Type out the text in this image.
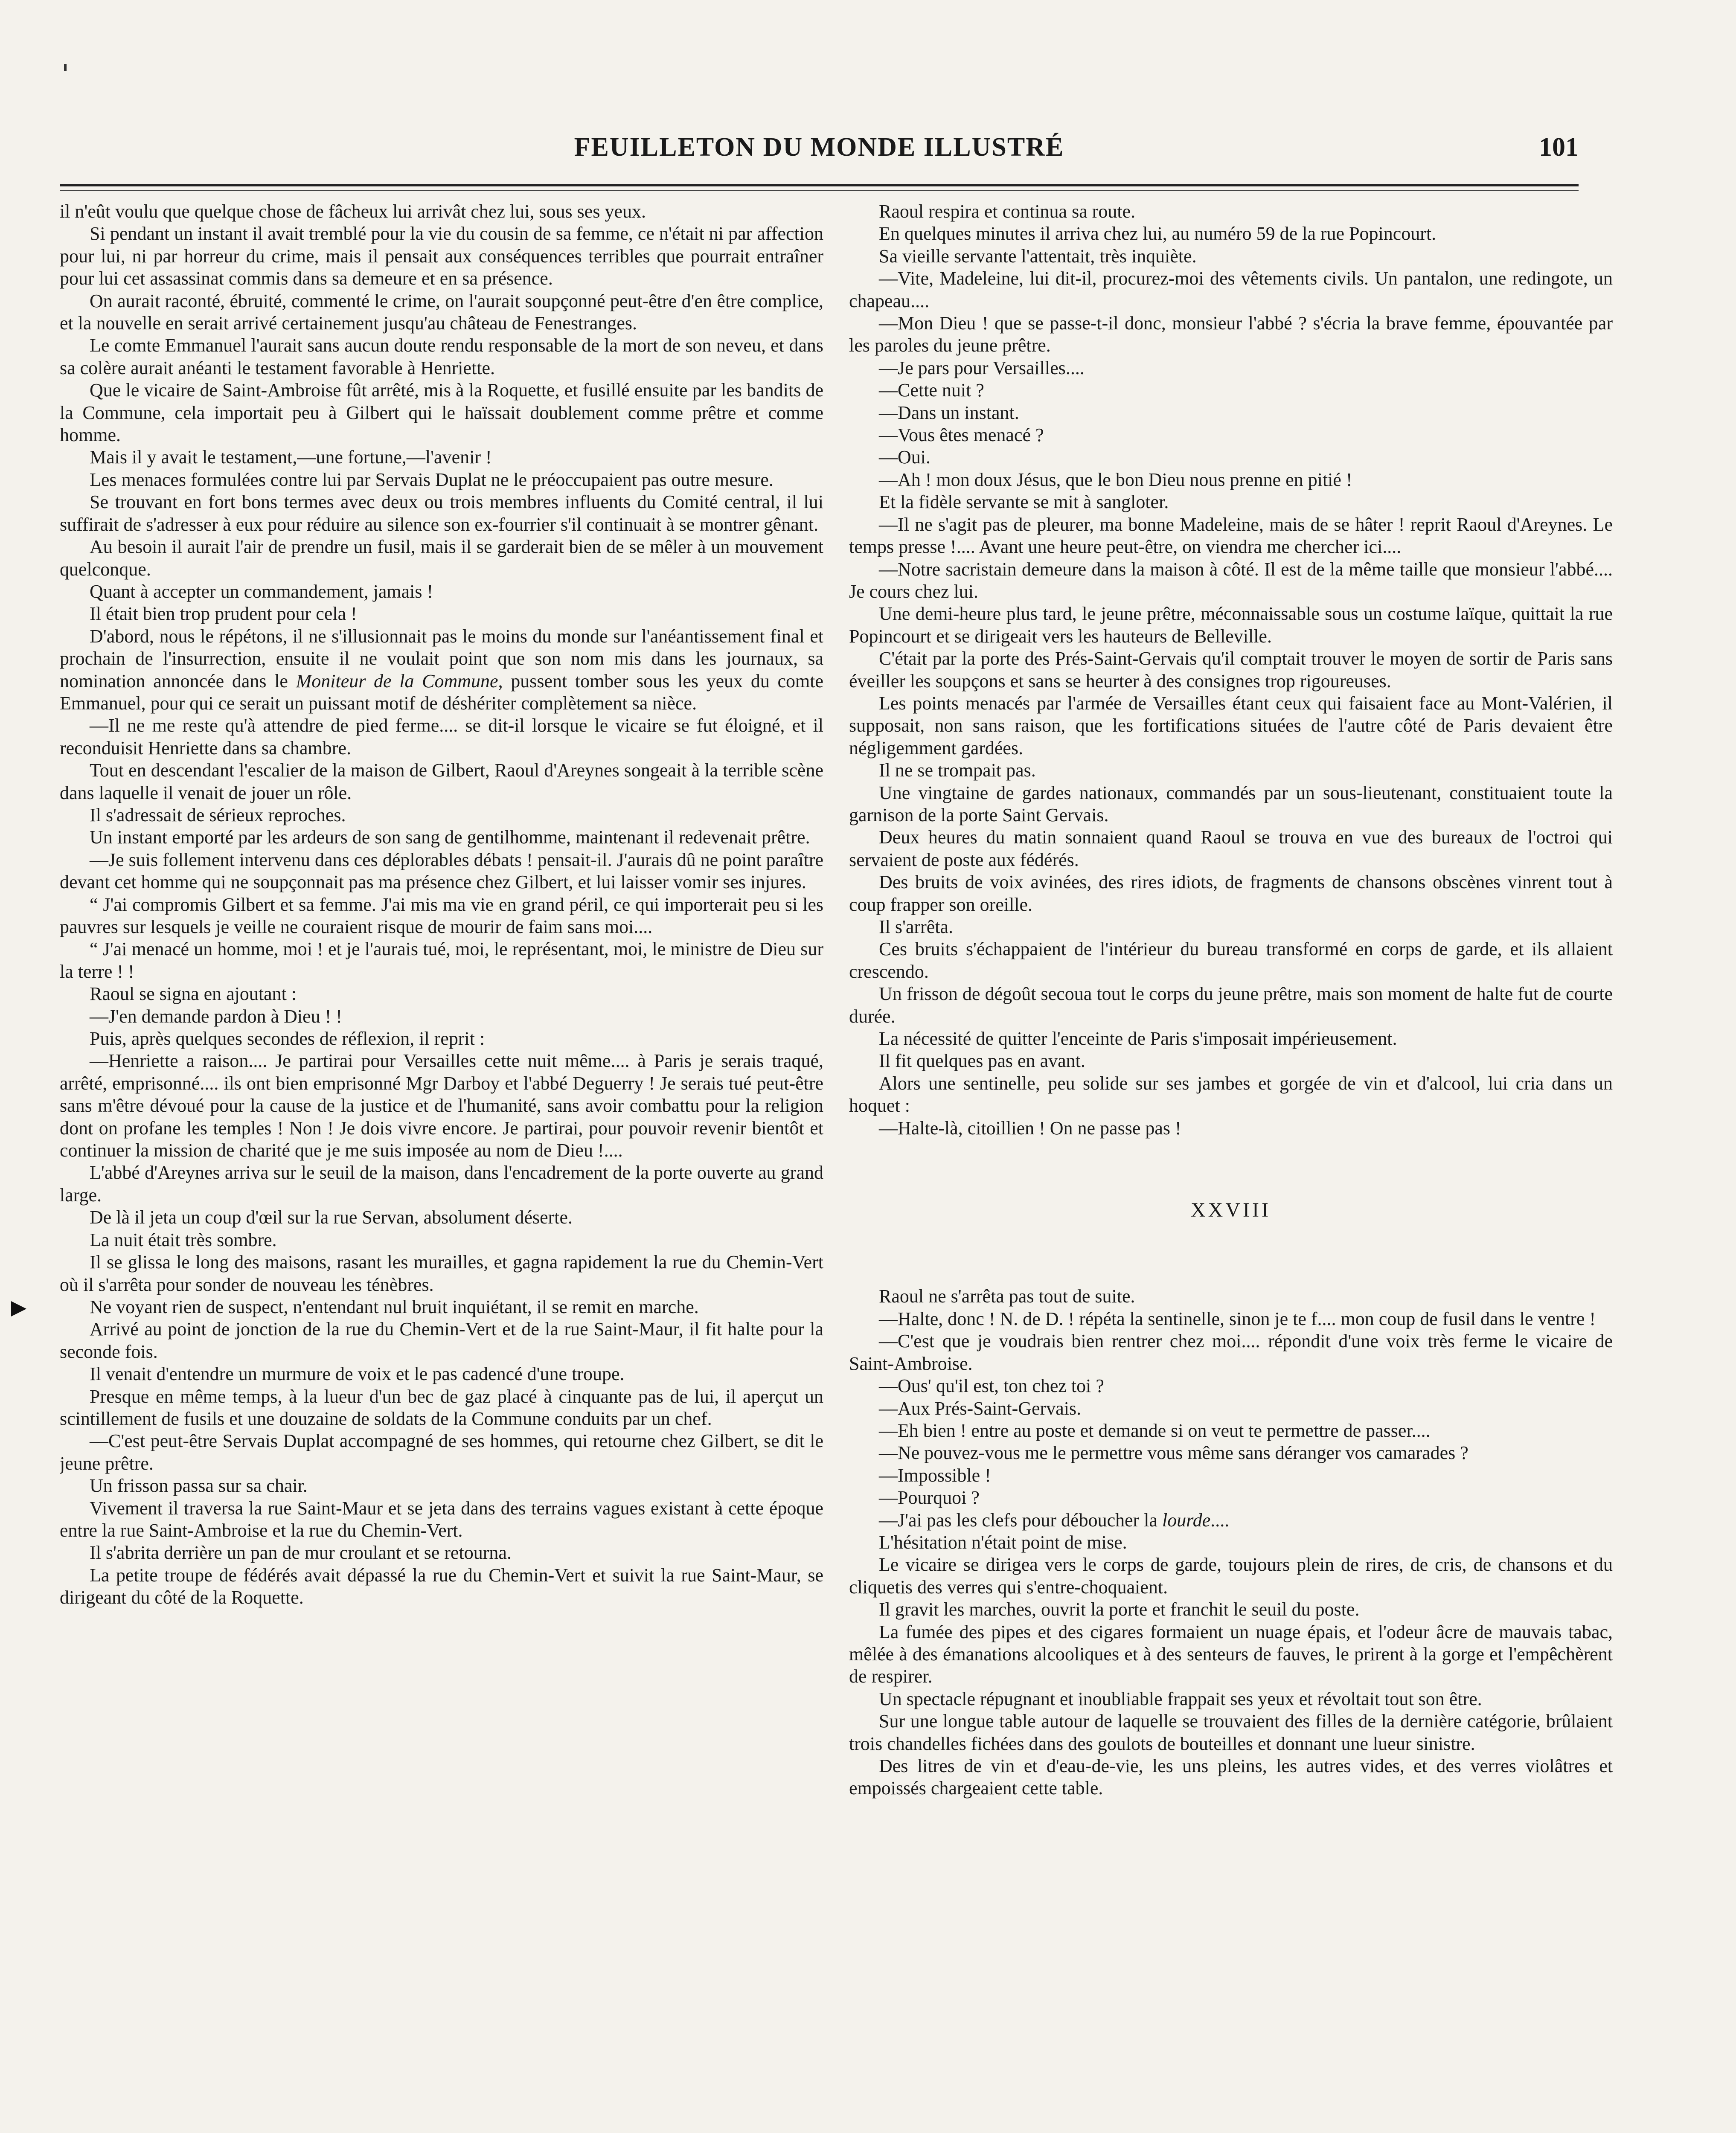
FEUILLETON DU MONDE ILLUSTRÉ	101

il n'eût voulu que quelque chose de fâcheux lui arrivât chez lui, sous ses yeux.

Si pendant un instant il avait tremblé pour la vie du cousin de sa femme, ce n'était ni par affection pour lui, ni par horreur du crime, mais il pensait aux conséquences terribles que pourrait entraîner pour lui cet assassinat commis dans sa demeure et en sa présence.

On aurait raconté, ébruité, commenté le crime, on l'aurait soupçonné peut-être d'en être complice, et la nouvelle en serait arrivé certainement jusqu'au château de Fenestranges.

Le comte Emmanuel l'aurait sans aucun doute rendu responsable de la mort de son neveu, et dans sa colère aurait anéanti le testament favorable à Henriette.

Que le vicaire de Saint-Ambroise fût arrêté, mis à la Roquette, et fusillé ensuite par les bandits de la Commune, cela importait peu à Gilbert qui le haïssait doublement comme prêtre et comme homme.

Mais il y avait le testament,—une fortune,—l'avenir !

Les menaces formulées contre lui par Servais Duplat ne le préoccupaient pas outre mesure.

Se trouvant en fort bons termes avec deux ou trois membres influents du Comité central, il lui suffirait de s'adresser à eux pour réduire au silence son ex-fourrier s'il continuait à se montrer gênant.

Au besoin il aurait l'air de prendre un fusil, mais il se garderait bien de se mêler à un mouvement quelconque.

Quant à accepter un commandement, jamais !

Il était bien trop prudent pour cela !

D'abord, nous le répétons, il ne s'illusionnait pas le moins du monde sur l'anéantissement final et prochain de l'insurrection, ensuite il ne voulait point que son nom mis dans les journaux, sa nomination annoncée dans le Moniteur de la Commune, pussent tomber sous les yeux du comte Emmanuel, pour qui ce serait un puissant motif de déshériter complètement sa nièce.

—Il ne me reste qu'à attendre de pied ferme.... se dit-il lorsque le vicaire se fut éloigné, et il reconduisit Henriette dans sa chambre.

Tout en descendant l'escalier de la maison de Gilbert, Raoul d'Areynes songeait à la terrible scène dans laquelle il venait de jouer un rôle.

Il s'adressait de sérieux reproches.

Un instant emporté par les ardeurs de son sang de gentilhomme, maintenant il redevenait prêtre.

—Je suis follement intervenu dans ces déplorables débats ! pensait-il. J'aurais dû ne point paraître devant cet homme qui ne soupçonnait pas ma présence chez Gilbert, et lui laisser vomir ses injures.

“ J'ai compromis Gilbert et sa femme. J'ai mis ma vie en grand péril, ce qui importerait peu si les pauvres sur lesquels je veille ne couraient risque de mourir de faim sans moi....

“ J'ai menacé un homme, moi ! et je l'aurais tué, moi, le représentant, moi, le ministre de Dieu sur la terre ! !

Raoul se signa en ajoutant :

—J'en demande pardon à Dieu ! !

Puis, après quelques secondes de réflexion, il reprit :

—Henriette a raison.... Je partirai pour Versailles cette nuit même.... à Paris je serais traqué, arrêté, emprisonné.... ils ont bien emprisonné Mgr Darboy et l'abbé Deguerry ! Je serais tué peut-être sans m'être dévoué pour la cause de la justice et de l'humanité, sans avoir combattu pour la religion dont on profane les temples ! Non ! Je dois vivre encore. Je partirai, pour pouvoir revenir bientôt et continuer la mission de charité que je me suis imposée au nom de Dieu !....

L'abbé d'Areynes arriva sur le seuil de la maison, dans l'encadrement de la porte ouverte au grand large.

De là il jeta un coup d'œil sur la rue Servan, absolument déserte.

La nuit était très sombre.

Il se glissa le long des maisons, rasant les murailles, et gagna rapidement la rue du Chemin-Vert où il s'arrêta pour sonder de nouveau les ténèbres.

Ne voyant rien de suspect, n'entendant nul bruit inquiétant, il se remit en marche.

Arrivé au point de jonction de la rue du Chemin-Vert et de la rue Saint-Maur, il fit halte pour la seconde fois.

Il venait d'entendre un murmure de voix et le pas cadencé d'une troupe.

Presque en même temps, à la lueur d'un bec de gaz placé à cinquante pas de lui, il aperçut un scintillement de fusils et une douzaine de soldats de la Commune conduits par un chef.

—C'est peut-être Servais Duplat accompagné de ses hommes, qui retourne chez Gilbert, se dit le jeune prêtre.

Un frisson passa sur sa chair.

Vivement il traversa la rue Saint-Maur et se jeta dans des terrains vagues existant à cette époque entre la rue Saint-Ambroise et la rue du Chemin-Vert.

Il s'abrita derrière un pan de mur croulant et se retourna.

La petite troupe de fédérés avait dépassé la rue du Chemin-Vert et suivit la rue Saint-Maur, se dirigeant du côté de la Roquette.

Raoul respira et continua sa route.

En quelques minutes il arriva chez lui, au numéro 59 de la rue Popincourt.

Sa vieille servante l'attentait, très inquiète.

—Vite, Madeleine, lui dit-il, procurez-moi des vêtements civils. Un pantalon, une redingote, un chapeau....

—Mon Dieu ! que se passe-t-il donc, monsieur l'abbé ? s'écria la brave femme, épouvantée par les paroles du jeune prêtre.

—Je pars pour Versailles....

—Cette nuit ?

—Dans un instant.

—Vous êtes menacé ?

—Oui.

—Ah ! mon doux Jésus, que le bon Dieu nous prenne en pitié !

Et la fidèle servante se mit à sangloter.

—Il ne s'agit pas de pleurer, ma bonne Madeleine, mais de se hâter ! reprit Raoul d'Areynes. Le temps presse !.... Avant une heure peut-être, on viendra me chercher ici....

—Notre sacristain demeure dans la maison à côté. Il est de la même taille que monsieur l'abbé.... Je cours chez lui.

Une demi-heure plus tard, le jeune prêtre, méconnaissable sous un costume laïque, quittait la rue Popincourt et se dirigeait vers les hauteurs de Belleville.

C'était par la porte des Prés-Saint-Gervais qu'il comptait trouver le moyen de sortir de Paris sans éveiller les soupçons et sans se heurter à des consignes trop rigoureuses.

Les points menacés par l'armée de Versailles étant ceux qui faisaient face au Mont-Valérien, il supposait, non sans raison, que les fortifications situées de l'autre côté de Paris devaient être négligemment gardées.

Il ne se trompait pas.

Une vingtaine de gardes nationaux, commandés par un sous-lieutenant, constituaient toute la garnison de la porte Saint Gervais.

Deux heures du matin sonnaient quand Raoul se trouva en vue des bureaux de l'octroi qui servaient de poste aux fédérés.

Des bruits de voix avinées, des rires idiots, de fragments de chansons obscènes vinrent tout à coup frapper son oreille.

Il s'arrêta.

Ces bruits s'échappaient de l'intérieur du bureau transformé en corps de garde, et ils allaient crescendo.

Un frisson de dégoût secoua tout le corps du jeune prêtre, mais son moment de halte fut de courte durée.

La nécessité de quitter l'enceinte de Paris s'imposait impérieusement.

Il fit quelques pas en avant.

Alors une sentinelle, peu solide sur ses jambes et gorgée de vin et d'alcool, lui cria dans un hoquet :

—Halte-là, citoillien ! On ne passe pas !

XXVIII

Raoul ne s'arrêta pas tout de suite.

—Halte, donc ! N. de D. ! répéta la sentinelle, sinon je te f.... mon coup de fusil dans le ventre !

—C'est que je voudrais bien rentrer chez moi.... répondit d'une voix très ferme le vicaire de Saint-Ambroise.

—Ous' qu'il est, ton chez toi ?

—Aux Prés-Saint-Gervais.

—Eh bien ! entre au poste et demande si on veut te permettre de passer....

—Ne pouvez-vous me le permettre vous même sans déranger vos camarades ?

—Impossible !

—Pourquoi ?

—J'ai pas les clefs pour déboucher la lourde....

L'hésitation n'était point de mise.

Le vicaire se dirigea vers le corps de garde, toujours plein de rires, de cris, de chansons et du cliquetis des verres qui s'entre-choquaient.

Il gravit les marches, ouvrit la porte et franchit le seuil du poste.

La fumée des pipes et des cigares formaient un nuage épais, et l'odeur âcre de mauvais tabac, mêlée à des émanations alcooliques et à des senteurs de fauves, le prirent à la gorge et l'empêchèrent de respirer.

Un spectacle répugnant et inoubliable frappait ses yeux et révoltait tout son être.

Sur une longue table autour de laquelle se trouvaient des filles de la dernière catégorie, brûlaient trois chandelles fichées dans des goulots de bouteilles et donnant une lueur sinistre.

Des litres de vin et d'eau-de-vie, les uns pleins, les autres vides, et des verres violâtres et empoissés chargeaient cette table.
